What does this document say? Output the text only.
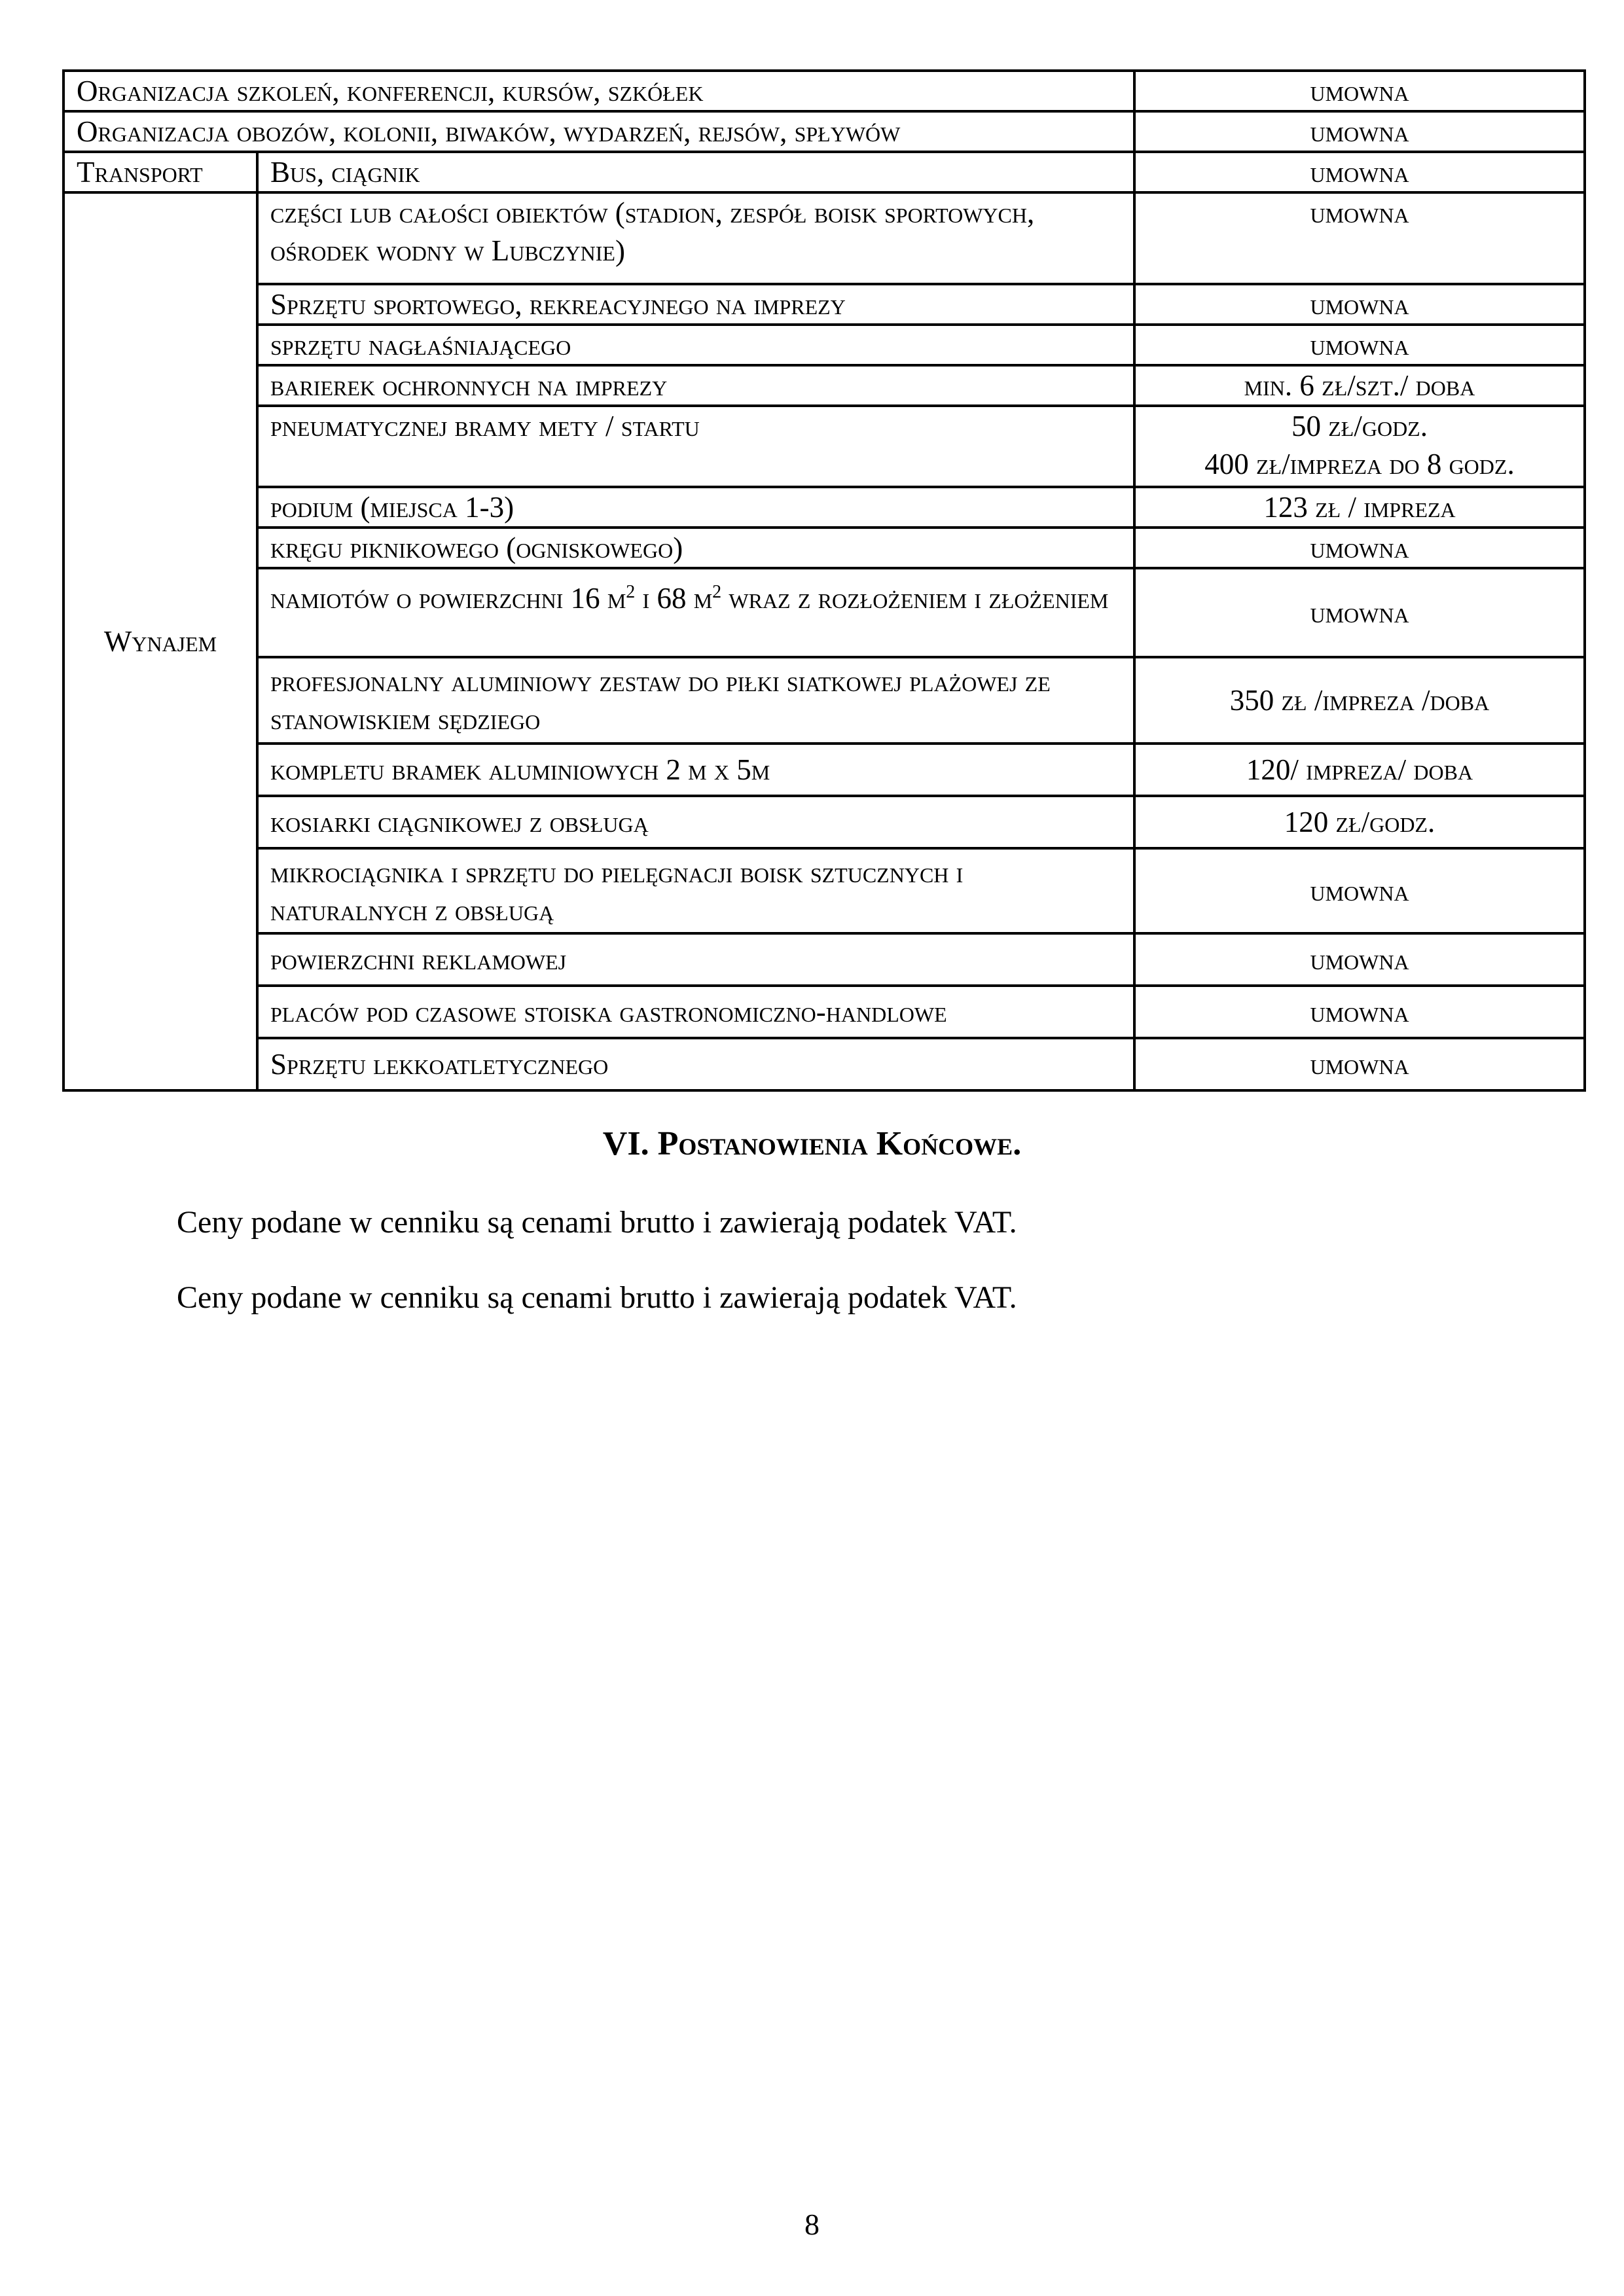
Organizacja szkoleń, konferencji, kursów, szkółek		umowna
Organizacja obozów, kolonii, biwaków, wydarzeń, rejsów, spływów		umowna
Transport	Bus, ciągnik	umowna
Wynajem	części lub całości obiektów (stadion, zespół boisk sportowych, ośrodek wodny w Lubczynie)	umowna
	Sprzętu sportowego, rekreacyjnego na imprezy	umowna
	sprzętu nagłaśniającego	umowna
	barierek ochronnych na imprezy	min. 6 zł/szt./ doba
	pneumatycznej bramy mety / startu	50 zł/godz.
400 zł/impreza do 8 godz.

	podium (miejsca 1-3)	123 zł / impreza
	kręgu piknikowego (ogniskowego)	umowna
	namiotów o powierzchni 16 $m^2$ i 68 $m^2$ wraz z rozłożeniem i złożeniem	umowna
	profesjonalny aluminiowy zestaw do piłki siatkowej plażowej ze stanowiskiem sędziego	350 zł /impreza /doba
	kompletu bramek aluminiowych 2 m x 5m	120/ impreza/ doba
	kosiarki ciągnikowej z obsługą	120 zł/godz.
	mikrociągnika i sprzętu do pielęgnacji boisk sztucznych i naturalnych z obsługą	umowna
	powierzchni reklamowej	umowna
	placów pod czasowe stoiska gastronomiczno-handlowe	umowna
	Sprzętu lekkoatletycznego	umowna
VI. Postanowienia Końcowe.
Ceny podane w cenniku są cenami brutto i zawierają podatek VAT.
Ceny podane w cenniku są cenami brutto i zawierają podatek VAT.
8
